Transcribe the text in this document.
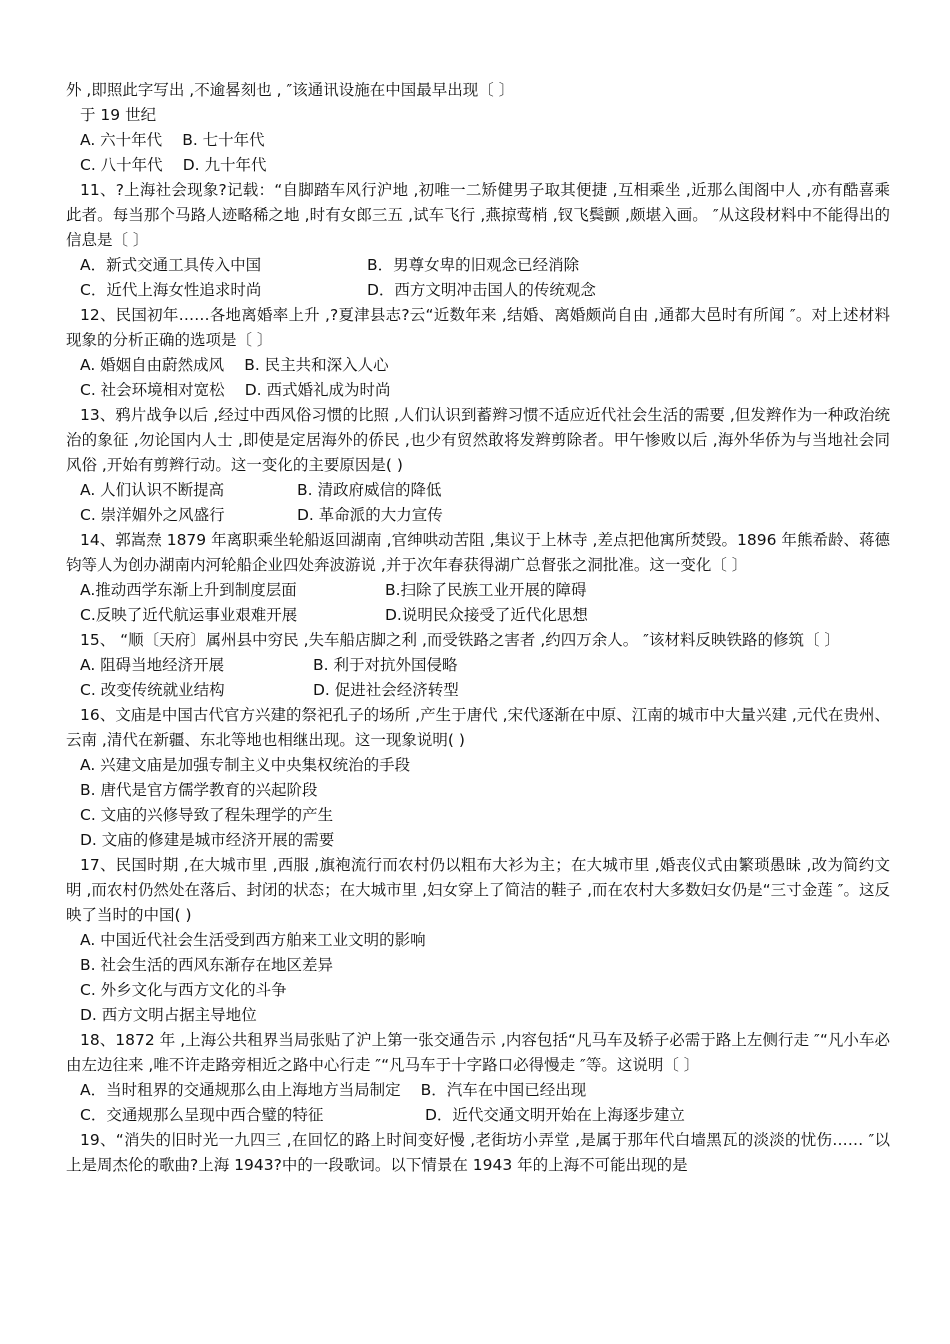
外 ,即照此字写出 ,不逾晷刻也 , ″该通讯设施在中国最早出现〔 〕
于 19 世纪
A. 六十年代	B. 七十年代
C. 八十年代	D. 九十年代
11、?上海社会现象?记载：“自脚踏车风行沪地 ,初唯一二矫健男子取其便捷 ,互相乘坐 ,近那么闺阁中人 ,亦有酷喜乘此者。每当那个马路人迹略稀之地 ,时有女郎三五 ,试车飞行 ,燕掠莺梢 ,钗飞鬓颤 ,颇堪入画。 ″从这段材料中不能得出的信息是〔 〕
A．新式交通工具传入中国	B．男尊女卑的旧观念已经消除
C．近代上海女性追求时尚	D．西方文明冲击国人的传统观念
12、民国初年……各地离婚率上升 ,?夏津县志?云“近数年来 ,结婚、离婚颇尚自由 ,通都大邑时有所闻 ″。对上述材料现象的分析正确的选项是〔 〕
A. 婚姻自由蔚然成风	B. 民主共和深入人心
C. 社会环境相对宽松	D. 西式婚礼成为时尚
13、鸦片战争以后 ,经过中西风俗习惯的比照 ,人们认识到蓄辫习惯不适应近代社会生活的需要 ,但发辫作为一种政治统治的象征 ,勿论国内人士 ,即使是定居海外的侨民 ,也少有贸然敢将发辫剪除者。甲午惨败以后 ,海外华侨为与当地社会同风俗 ,开始有剪辫行动。这一变化的主要原因是( )
A. 人们认识不断提高	B. 清政府威信的降低
C. 崇洋媚外之风盛行	D. 革命派的大力宣传
14、郭嵩焘 1879 年离职乘坐轮船返回湖南 ,官绅哄动苦阻 ,集议于上林寺 ,差点把他寓所焚毁。1896 年熊希龄、蒋德钧等人为创办湖南内河轮船企业四处奔波游说 ,并于次年春获得湖广总督张之洞批准。这一变化〔 〕
A.推动西学东渐上升到制度层面	B.扫除了民族工业开展的障碍
C.反映了近代航运事业艰难开展	D.说明民众接受了近代化思想
15、 “顺〔天府〕属州县中穷民 ,失车船店脚之利 ,而受铁路之害者 ,约四万余人。 ″该材料反映铁路的修筑〔 〕
A. 阻碍当地经济开展	B. 利于对抗外国侵略
C. 改变传统就业结构	D. 促进社会经济转型
16、文庙是中国古代官方兴建的祭祀孔子的场所 ,产生于唐代 ,宋代逐渐在中原、江南的城市中大量兴建 ,元代在贵州、云南 ,清代在新疆、东北等地也相继出现。这一现象说明( )
A. 兴建文庙是加强专制主义中央集权统治的手段
B. 唐代是官方儒学教育的兴起阶段
C. 文庙的兴修导致了程朱理学的产生
D. 文庙的修建是城市经济开展的需要
17、民国时期 ,在大城市里 ,西服 ,旗袍流行而农村仍以粗布大衫为主；在大城市里 ,婚丧仪式由繁琐愚昧 ,改为简约文明 ,而农村仍然处在落后、封闭的状态；在大城市里 ,妇女穿上了简洁的鞋子 ,而在农村大多数妇女仍是“三寸金莲 ″。这反映了当时的中国( )
A. 中国近代社会生活受到西方舶来工业文明的影响
B. 社会生活的西风东渐存在地区差异
C. 外乡文化与西方文化的斗争
D. 西方文明占据主导地位
18、1872 年 ,上海公共租界当局张贴了沪上第一张交通告示 ,内容包括“凡马车及轿子必需于路上左侧行走 ″“凡小车必由左边往来 ,唯不许走路旁相近之路中心行走 ″“凡马车于十字路口必得慢走 ″等。这说明〔 〕
A．当时租界的交通规那么由上海地方当局制定	B．汽车在中国已经出现
C．交通规那么呈现中西合璧的特征	D．近代交通文明开始在上海逐步建立
19、“消失的旧时光一九四三 ,在回忆的路上时间变好慢 ,老街坊小弄堂 ,是属于那年代白墙黑瓦的淡淡的忧伤…… ″以上是周杰伦的歌曲?上海 1943?中的一段歌词。以下情景在 1943 年的上海不可能出现的是
